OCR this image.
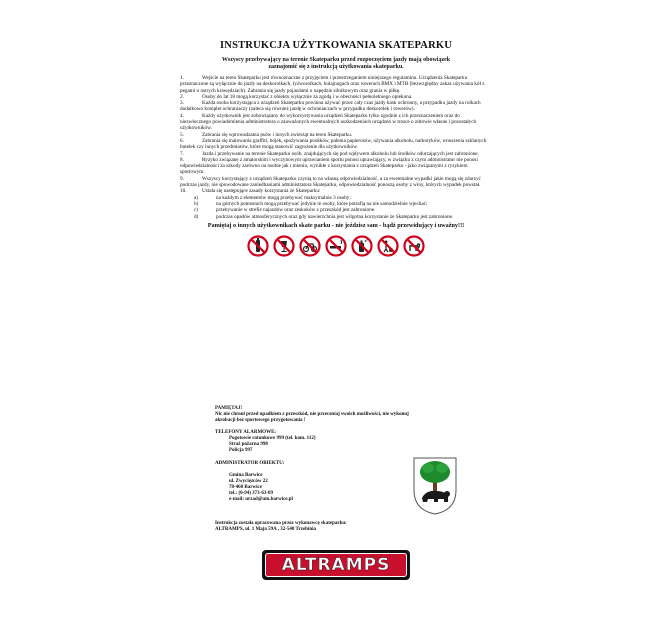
INSTRUKCJA UŻYTKOWANIA SKATEPARKU
Wszyscy przebywający na terenie Skateparku przed rozpoczęciem jazdy mają obowiązek
zaznajomić się z instrukcją użytkowania skateparku.

1.	Wejście na teren Skateparku jest równoznaczne z przyjęciem i przestrzeganiem niniejszego regulaminu. Urządzenia Skateparku przeznaczone są wyłącznie do jazdy na deskorolkach, łyżworolkach, hulajnogach oraz rowerach BMX i MTB (bezwzględny zakaz używania kół z pegami o ostrych krawędziach). Zabrania się jazdy pojazdami o napędzie silnikowym oraz grania w piłkę.

2.	Osoby do lat 18 mogą korzystać z obiektu wyłącznie za zgodą i w obecności pełnoletniego opiekuna.

3.	Każda osoba korzystająca z urządzeń Skateparku powinna używać przez cały czas jazdy kask ochronny, a przypadku jazdy na rolkach dodatkowo komplet ochraniaczy (zaleca się również jazdę w ochraniaczach w przypadku deskorolek i rowerów).

4.	Każdy użytkownik jest zobowiązany do wykorzystywania urządzeń Skateparku tylko zgodnie z ich przeznaczeniem oraz do niezwłocznego powiadomienia administratora o zauważonych ewentualnych uszkodzeniach urządzeń w trosce o zdrowie własne i pozostałych użytkowników.

5.	Zabrania się wprowadzania psów i innych zwierząt na teren Skateparku.

6.	Zabrania się malowania graffiti, bójek, spożywania posiłków, palenia papierosów, używania alkoholu, narkotyków, wnoszenia szklanych butelek czy innych przedmiotów, które mogą stanowić zagrożenie dla użytkowników.

7.	Jazda i przebywanie na terenie Skateparku osób, znajdujących się pod wpływem alkoholu lub środków odurzających jest zabronione.

8.	Ryzyko związane z amatorskim i wyczynowym uprawianiem sportu ponosi uprawiający, w związku z czym administrator nie ponosi odpowiedzialności za szkody zarówno na osobie jak i mieniu, wynikłe z korzystania z urządzeń Skateparku - jako związanymi z ryzykiem sportowym.

9.	Wszyscy korzystający z urządzeń Skateparku czynią to na własną odpowiedzialność, a za ewentualne wypadki jakie mogą się zdarzyć podczas jazdy, nie spowodowane zaniedbaniami administratora Skateparku, odpowiedzialność ponoszą osoby z winy, których wypadek powstał.

10.	Ustala się następujące zasady korzystania ze Skateparku:

a)	na każdym z elementów mogą przebywać maksymalnie 3 osoby;

b)	na górnych pomostach mogą przebywać jedynie te osoby, które potrafią na nie samodzielnie wjechać;

c)	przebywanie w strefie najazdów oraz zeskoków z przeszkód jest zabronione.

d)	podczas opadów atmosferycznych oraz gdy nawierzchnia jest wilgotna korzystanie ze Skateparku jest zabronione.

Pamiętaj o innych użytkownikach skate parku - nie jeździsz sam - bądź przewidujący i uważny!!!
PAMIĘTAJ!
Nic nie chroni przed upadkiem z przeszkód, nie przeceniaj swoich możliwości, nie wykonuj
akrobacji bez sportowego przygotowania !
TELEFONY ALARMOWE:
Pogotowie ratunkowe 999 (tel. kom. 112)
Straż pożarna 998
Policja 997
ADMINISTRATOR OBIEKTU:
Gmina Barwice
ul. Zwycięzców 22
78-460 Barwice
tel.: (0-94) 373-63-09
e-mail: urzad@um.barwice.pl
Instrukcja została opracowana przez wykonawcę skateparku:
ALTRAMPS, ul. 1 Maja 59A , 32-540 Trzebinia
ALTRAMPS
